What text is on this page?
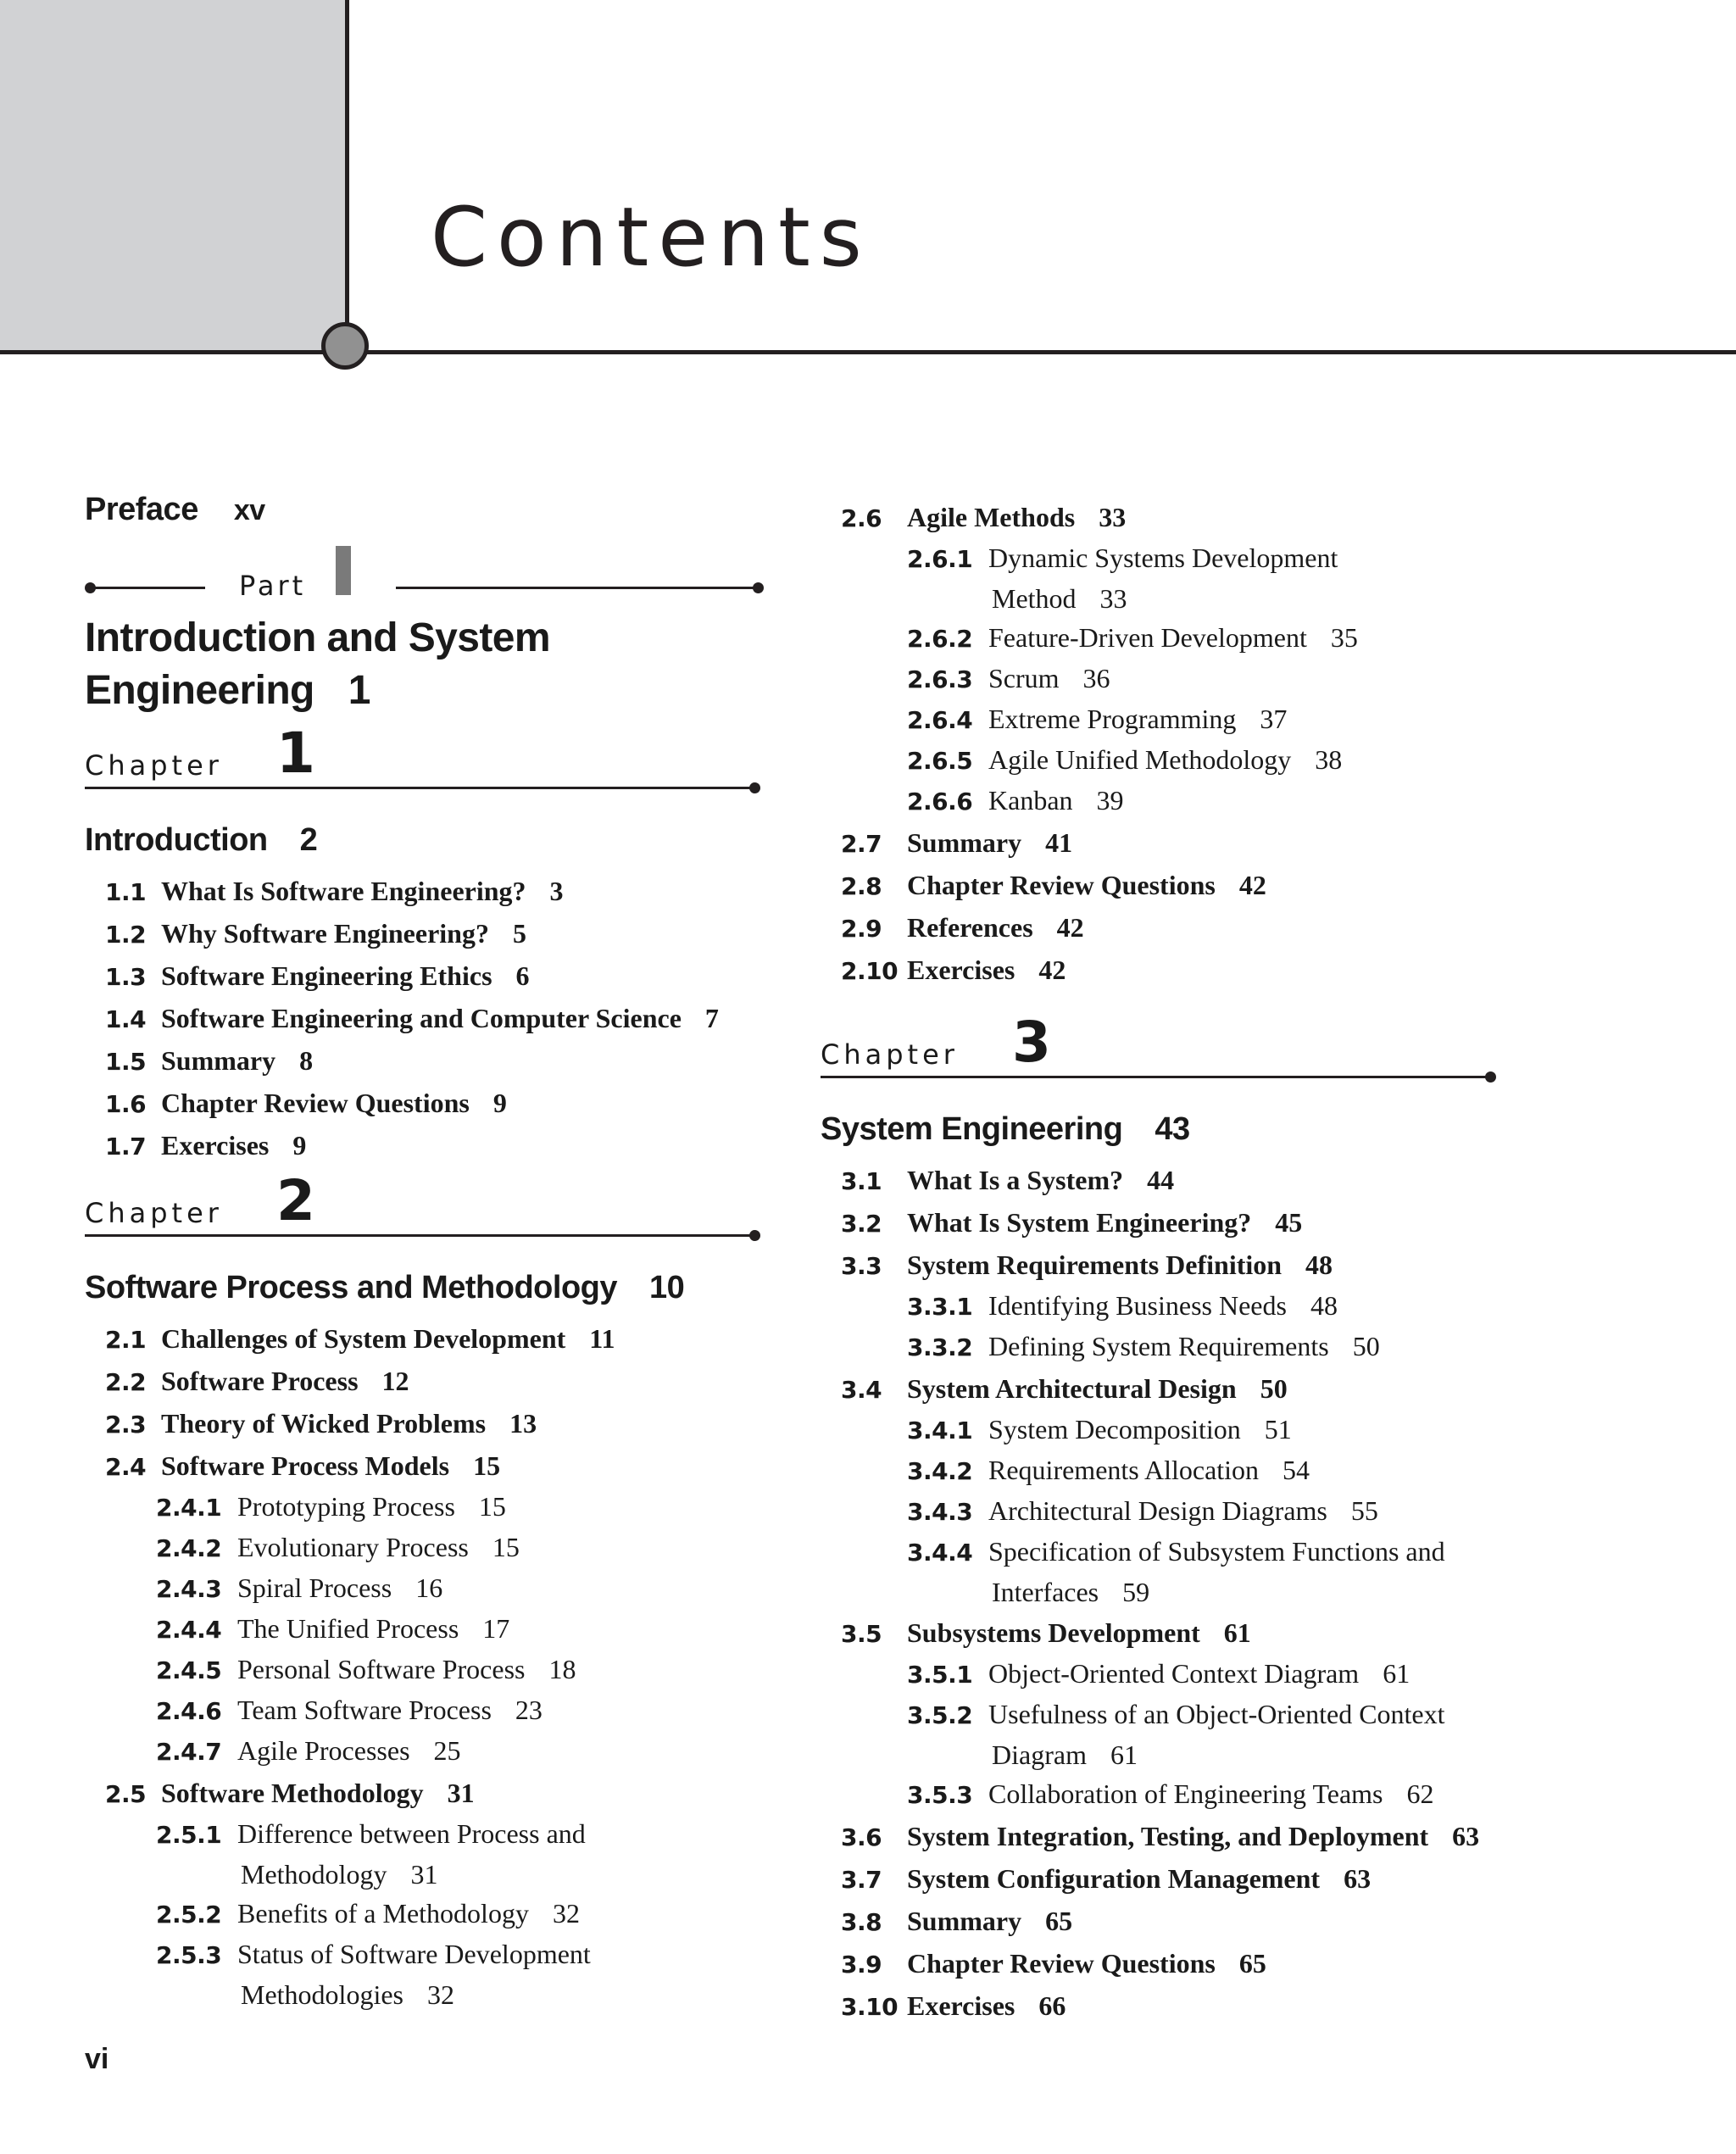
Contents
Preface xv
Part
Introduction and System
Engineering 1
Chapter 1
Introduction 2
1.1 What Is Software Engineering? 3
1.2 Why Software Engineering? 5
1.3 Software Engineering Ethics 6
1.4 Software Engineering and Computer Science 7
1.5 Summary 8
1.6 Chapter Review Questions 9
1.7 Exercises 9
Chapter 2
Software Process and Methodology 10
2.1 Challenges of System Development 11
2.2 Software Process 12
2.3 Theory of Wicked Problems 13
2.4 Software Process Models 15
2.4.1 Prototyping Process 15
2.4.2 Evolutionary Process 15
2.4.3 Spiral Process 16
2.4.4 The Unified Process 17
2.4.5 Personal Software Process 18
2.4.6 Team Software Process 23
2.4.7 Agile Processes 25
2.5 Software Methodology 31
2.5.1 Difference between Process and
Methodology 31
2.5.2 Benefits of a Methodology 32
2.5.3 Status of Software Development
Methodologies 32
2.6 Agile Methods 33
2.6.1 Dynamic Systems Development
Method 33
2.6.2 Feature-Driven Development 35
2.6.3 Scrum 36
2.6.4 Extreme Programming 37
2.6.5 Agile Unified Methodology 38
2.6.6 Kanban 39
2.7 Summary 41
2.8 Chapter Review Questions 42
2.9 References 42
2.10 Exercises 42
Chapter 3
System Engineering 43
3.1 What Is a System? 44
3.2 What Is System Engineering? 45
3.3 System Requirements Definition 48
3.3.1 Identifying Business Needs 48
3.3.2 Defining System Requirements 50
3.4 System Architectural Design 50
3.4.1 System Decomposition 51
3.4.2 Requirements Allocation 54
3.4.3 Architectural Design Diagrams 55
3.4.4 Specification of Subsystem Functions and
Interfaces 59
3.5 Subsystems Development 61
3.5.1 Object-Oriented Context Diagram 61
3.5.2 Usefulness of an Object-Oriented Context
Diagram 61
3.5.3 Collaboration of Engineering Teams 62
3.6 System Integration, Testing, and Deployment 63
3.7 System Configuration Management 63
3.8 Summary 65
3.9 Chapter Review Questions 65
3.10 Exercises 66
vi
